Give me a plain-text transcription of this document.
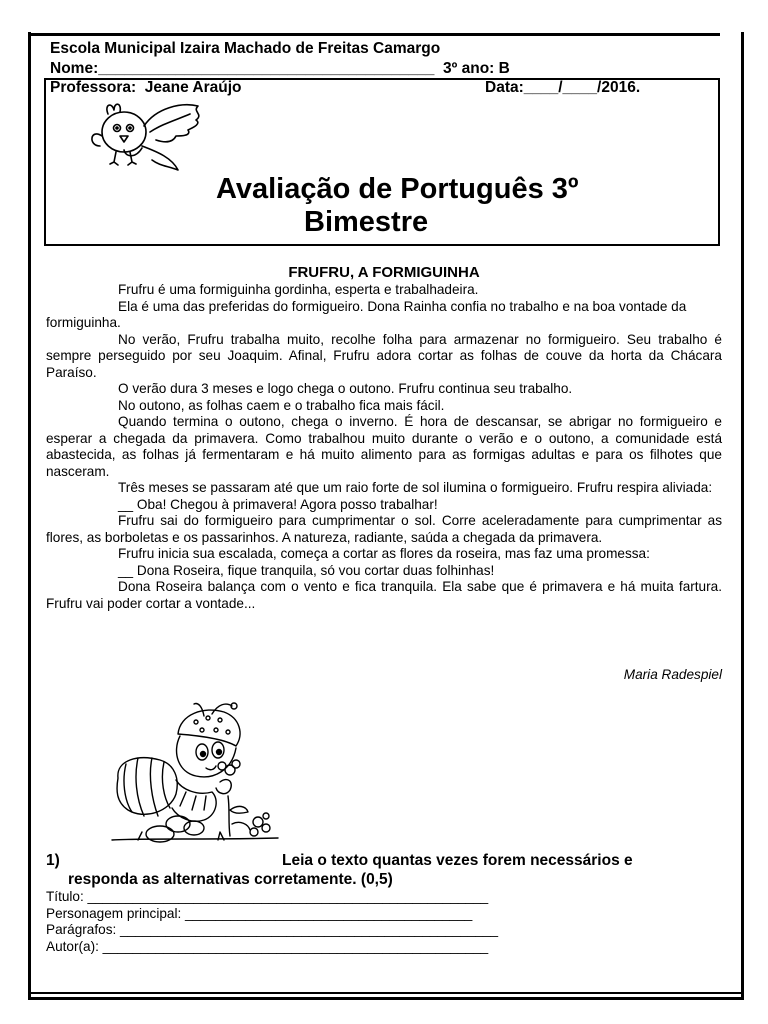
Escola Municipal Izaira Machado de Freitas Camargo
Nome:_______________________________________  3º ano: B
Professora:  Jeane Araújo	Data:____/____/2016.
Avaliação de Português 3º
Bimestre
FRUFRU, A FORMIGUINHA

Frufru é uma formiguinha gordinha, esperta e trabalhadeira.

Ela é uma das preferidas do formigueiro. Dona Rainha confia no trabalho e na boa vontade da formiguinha.

No verão, Frufru trabalha muito, recolhe folha para armazenar no formigueiro. Seu trabalho é sempre perseguido por seu Joaquim. Afinal, Frufru adora cortar as folhas de couve da horta da Chácara Paraíso.

O verão dura 3 meses e logo chega o outono. Frufru continua seu trabalho.

No outono, as folhas caem e o trabalho fica mais fácil.

Quando termina o outono, chega o inverno. É hora de descansar, se abrigar no formigueiro e esperar a chegada da primavera. Como trabalhou muito durante o verão e o outono, a comunidade está abastecida, as folhas já fermentaram e há muito alimento para as formigas adultas e para os filhotes que nasceram.

Três meses se passaram até que um raio forte de sol ilumina o formigueiro. Frufru respira aliviada:

__ Oba! Chegou à primavera! Agora posso trabalhar!

Frufru sai do formigueiro para cumprimentar o sol. Corre aceleradamente para cumprimentar as flores, as borboletas e os passarinhos. A natureza, radiante, saúda a chegada da primavera.

Frufru inicia sua escalada, começa a cortar as flores da roseira, mas faz uma promessa:

__ Dona Roseira, fique tranquila, só vou cortar duas folhinhas!

Dona Roseira balança com o vento e fica tranquila. Ela sabe que é primavera e há muita fartura. Frufru vai poder cortar a vontade...

Maria Radespiel
1)	Leia o texto quantas vezes forem necessários e
responda as alternativas corretamente. (0,5)
Título: _____________________________________________________
Personagem principal: ______________________________________
Parágrafos: __________________________________________________
Autor(a): ___________________________________________________
